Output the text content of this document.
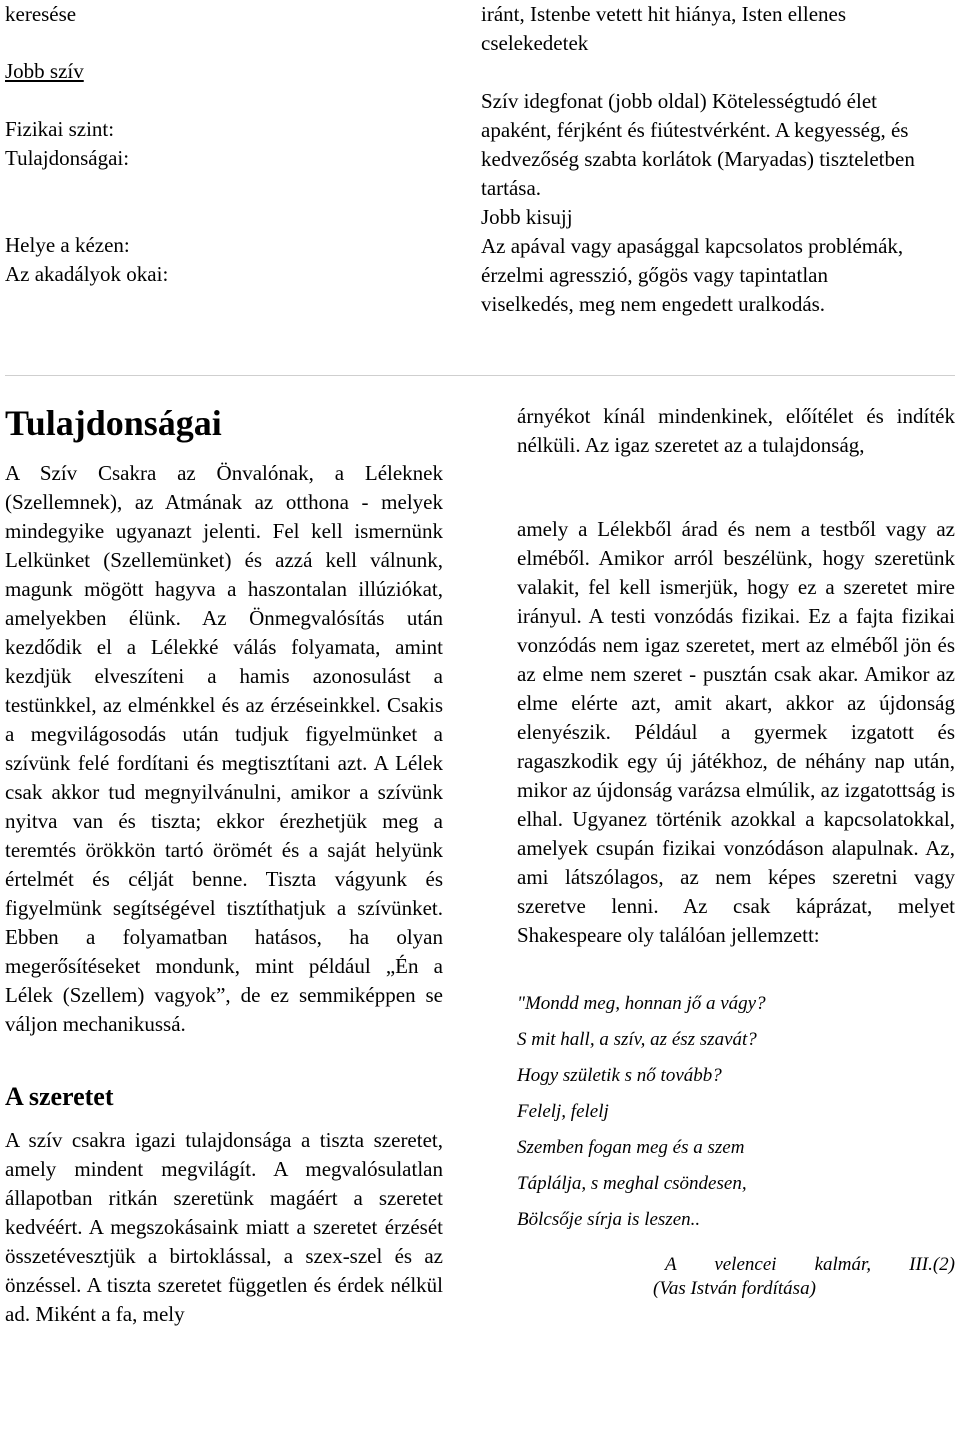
keresése

Jobb szív

Fizikai szint:

Tulajdonságai:

Helye a kézen:

Az akadályok okai:

iránt, Istenbe vetett hit hiánya, Isten ellenes cselekedetek

Szív idegfonat (jobb oldal) Kötelességtudó élet apaként, férjként és fiútestvérként. A kegyesség, és kedvezőség szabta korlátok (Maryadas) tiszteletben tartása.

Jobb kisujj

Az apával vagy apasággal kapcsolatos problémák, érzelmi agresszió, gőgös vagy tapintatlan viselkedés, meg nem engedett uralkodás.

Tulajdonságai

A Szív Csakra az Önvalónak, a Léleknek (Szellemnek), az Atmának az otthona - melyek mindegyike ugyanazt jelenti. Fel kell ismernünk Lelkünket (Szellemünket) és azzá kell válnunk, magunk mögött hagyva a haszontalan illúziókat, amelyekben élünk. Az Önmegvalósítás után kezdődik el a Lélekké válás folyamata, amint kezdjük elveszíteni a hamis azonosulást a testünkkel, az elménkkel és az érzéseinkkel. Csakis a megvilágosodás után tudjuk figyelmünket a szívünk felé fordítani és megtisztítani azt. A Lélek csak akkor tud megnyilvánulni, amikor a szívünk nyitva van és tiszta; ekkor érezhetjük meg a teremtés örökkön tartó örömét és a saját helyünk értelmét és célját benne. Tiszta vágyunk és figyelmünk segítségével tisztíthatjuk a szívünket. Ebben a folyamatban hatásos, ha olyan megerősítéseket mondunk, mint például „Én a Lélek (Szellem) vagyok”, de ez semmiképpen se váljon mechanikussá.

A szeretet

A szív csakra igazi tulajdonsága a tiszta szeretet, amely mindent megvilágít. A megvalósulatlan állapotban ritkán szeretünk magáért a szeretet kedvéért. A megszokásaink miatt a szeretet érzését összetévesztjük a birtoklással, a szex-szel és az önzéssel. A tiszta szeretet független és érdek nélkül ad. Miként a fa, mely

árnyékot kínál mindenkinek, előítélet és indíték nélküli. Az igaz szeretet az a tulajdonság,

amely a Lélekből árad és nem a testből vagy az elméből. Amikor arról beszélünk, hogy szeretünk valakit, fel kell ismerjük, hogy ez a szeretet mire irányul. A testi vonzódás fizikai. Ez a fajta fizikai vonzódás nem igaz szeretet, mert az elméből jön és az elme nem szeret - pusztán csak akar. Amikor az elme elérte azt, amit akart, akkor az újdonság elenyészik. Például a gyermek izgatott és ragaszkodik egy új játékhoz, de néhány nap után, mikor az újdonság varázsa elmúlik, az izgatottság is elhal. Ugyanez történik azokkal a kapcsolatokkal, amelyek csupán fizikai vonzódáson alapulnak. Az, ami látszólagos, az nem képes szeretni vagy szeretve lenni. Az csak káprázat, melyet Shakespeare oly találóan jellemzett:

"Mondd meg, honnan jő a vágy?

S mit hall, a szív, az ész szavát?

Hogy születik s nő tovább?

Felelj, felelj

Szemben fogan meg és a szem

Táplálja, s meghal csöndesen,

Bölcsője sírja is leszen..

A velencei kalmár, III.(2)
(Vas István fordítása)
